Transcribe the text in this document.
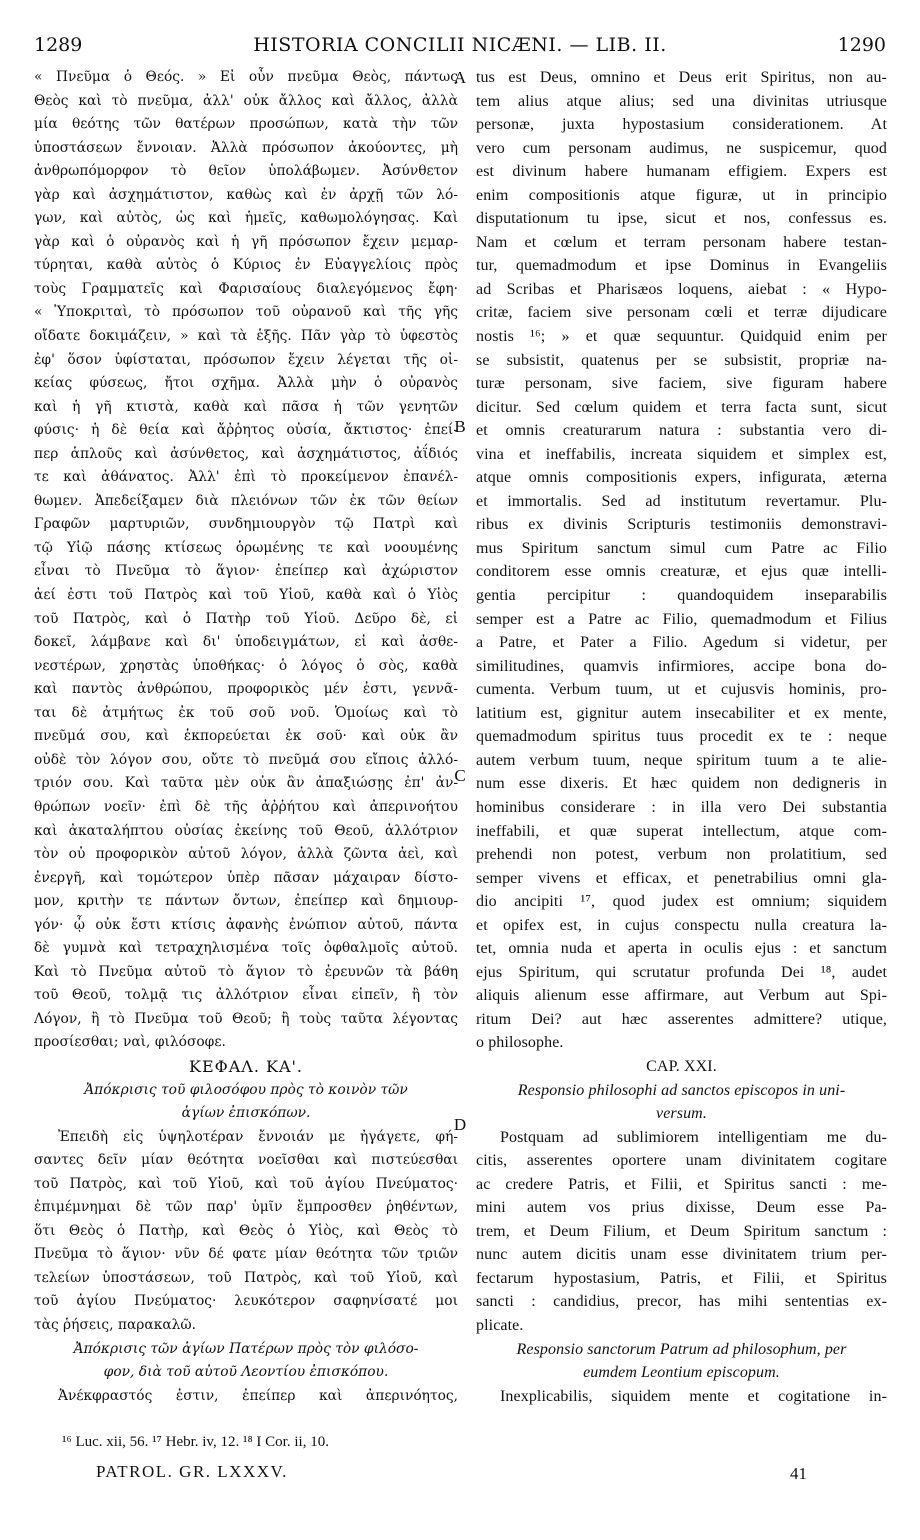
1289	HISTORIA CONCILII NICÆNI. — LIB. II.	1290
A
B
C
D
« Πνεῦμα ὁ Θεός. » Εἰ οὖν πνεῦμα Θεὸς, πάντως
Θεὸς καὶ τὸ πνεῦμα, ἀλλ' οὐκ ἄλλος καὶ ἄλλος, ἀλλὰ
μία θεότης τῶν θατέρων προσώπων, κατὰ τὴν τῶν
ὑποστάσεων ἔννοιαν. Ἀλλὰ πρόσωπον ἀκούοντες, μὴ
ἀνθρωπόμορφον τὸ θεῖον ὑπολάβωμεν. Ἀσύνθετον
γὰρ καὶ ἀσχημάτιστον, καθὼς καὶ ἐν ἀρχῇ τῶν λό-
γων, καὶ αὐτὸς, ὡς καὶ ἡμεῖς, καθωμολόγησας. Καὶ
γὰρ καὶ ὁ οὐρανὸς καὶ ἡ γῆ πρόσωπον ἔχειν μεμαρ-
τύρηται, καθὰ αὐτὸς ὁ Κύριος ἐν Εὐαγγελίοις πρὸς
τοὺς Γραμματεῖς καὶ Φαρισαίους διαλεγόμενος ἔφη·
« Ὑποκριταὶ, τὸ πρόσωπον τοῦ οὐρανοῦ καὶ τῆς γῆς
οἴδατε δοκιμάζειν, » καὶ τὰ ἑξῆς. Πᾶν γὰρ τὸ ὑφεστὸς
ἐφ' ὅσον ὑφίσταται, πρόσωπον ἔχειν λέγεται τῆς οἰ-
κείας φύσεως, ἤτοι σχῆμα. Ἀλλὰ μὴν ὁ οὐρανὸς
καὶ ἡ γῆ κτιστὰ, καθὰ καὶ πᾶσα ἡ τῶν γενητῶν
φύσις· ἡ δὲ θεία καὶ ἄῤῥητος οὐσία, ἄκτιστος· ἐπεί-
περ ἁπλοῦς καὶ ἀσύνθετος, καὶ ἀσχημάτιστος, ἀΐδιός
τε καὶ ἀθάνατος. Ἀλλ' ἐπὶ τὸ προκείμενον ἐπανέλ-
θωμεν. Ἀπεδείξαμεν διὰ πλειόνων τῶν ἐκ τῶν θείων
Γραφῶν μαρτυριῶν, συνδημιουργὸν τῷ Πατρὶ καὶ
τῷ Υἱῷ πάσης κτίσεως ὁρωμένης τε καὶ νοουμένης
εἶναι τὸ Πνεῦμα τὸ ἅγιον· ἐπείπερ καὶ ἀχώριστον
ἀεί ἐστι τοῦ Πατρὸς καὶ τοῦ Υἱοῦ, καθὰ καὶ ὁ Υἱὸς
τοῦ Πατρὸς, καὶ ὁ Πατὴρ τοῦ Υἱοῦ. Δεῦρο δὲ, εἰ
δοκεῖ, λάμβανε καὶ δι' ὑποδειγμάτων, εἰ καὶ ἀσθε-
νεστέρων, χρηστὰς ὑποθήκας· ὁ λόγος ὁ σὸς, καθὰ
καὶ παντὸς ἀνθρώπου, προφορικὸς μέν ἐστι, γεννᾶ-
ται δὲ ἀτμήτως ἐκ τοῦ σοῦ νοῦ. Ὁμοίως καὶ τὸ
πνεῦμά σου, καὶ ἐκπορεύεται ἐκ σοῦ· καὶ οὐκ ἂν
οὐδὲ τὸν λόγον σου, οὔτε τὸ πνεῦμά σου εἴποις ἀλλό-
τριόν σου. Καὶ ταῦτα μὲν οὐκ ἂν ἀπαξιώσῃς ἐπ' ἀν-
θρώπων νοεῖν· ἐπὶ δὲ τῆς ἀῤῥήτου καὶ ἀπερινοήτου
καὶ ἀκαταλήπτου οὐσίας ἐκείνης τοῦ Θεοῦ, ἀλλότριον
τὸν οὐ προφορικὸν αὐτοῦ λόγον, ἀλλὰ ζῶντα ἀεὶ, καὶ
ἐνεργῆ, καὶ τομώτερον ὑπὲρ πᾶσαν μάχαιραν δίστο-
μον, κριτὴν τε πάντων ὄντων, ἐπείπερ καὶ δημιουρ-
γόν· ᾧ οὐκ ἔστι κτίσις ἀφανὴς ἐνώπιον αὐτοῦ, πάντα
δὲ γυμνὰ καὶ τετραχηλισμένα τοῖς ὀφθαλμοῖς αὐτοῦ.
Καὶ τὸ Πνεῦμα αὐτοῦ τὸ ἅγιον τὸ ἐρευνῶν τὰ βάθη
τοῦ Θεοῦ, τολμᾷ τις ἀλλότριον εἶναι εἰπεῖν, ἢ τὸν
Λόγον, ἢ τὸ Πνεῦμα τοῦ Θεοῦ; ἢ τοὺς ταῦτα λέγοντας
προσίεσθαι; ναὶ, φιλόσοφε.
ΚΕΦΑΛ. ΚΑ'.
Ἀπόκρισις τοῦ φιλοσόφου πρὸς τὸ κοινὸν τῶν
ἁγίων ἐπισκόπων.
Ἐπειδὴ εἰς ὑψηλοτέραν ἔννοιάν με ἠγάγετε, φή-
σαντες δεῖν μίαν θεότητα νοεῖσθαι καὶ πιστεύεσθαι
τοῦ Πατρὸς, καὶ τοῦ Υἱοῦ, καὶ τοῦ ἁγίου Πνεύματος·
ἐπιμέμνημαι δὲ τῶν παρ' ὑμῖν ἔμπροσθεν ῥηθέντων,
ὅτι Θεὸς ὁ Πατὴρ, καὶ Θεὸς ὁ Υἱὸς, καὶ Θεὸς τὸ
Πνεῦμα τὸ ἅγιον· νῦν δέ φατε μίαν θεότητα τῶν τριῶν
τελείων ὑποστάσεων, τοῦ Πατρὸς, καὶ τοῦ Υἱοῦ, καὶ
τοῦ ἁγίου Πνεύματος· λευκότερον σαφηνίσατέ μοι
τὰς ῥήσεις, παρακαλῶ.
Ἀπόκρισις τῶν ἁγίων Πατέρων πρὸς τὸν φιλόσο-
φον, διὰ τοῦ αὐτοῦ Λεοντίου ἐπισκόπου.
Ἀνέκφραστός ἐστιν, ἐπείπερ καὶ ἀπερινόητος,
tus est Deus, omnino et Deus erit Spiritus, non au-
tem alius atque alius; sed una divinitas utriusque
personæ, juxta hypostasium considerationem. At
vero cum personam audimus, ne suspicemur, quod
est divinum habere humanam effigiem. Expers est
enim compositionis atque figuræ, ut in principio
disputationum tu ipse, sicut et nos, confessus es.
Nam et cœlum et terram personam habere testan-
tur, quemadmodum et ipse Dominus in Evangeliis
ad Scribas et Pharisæos loquens, aiebat : « Hypo-
critæ, faciem sive personam cœli et terræ dijudicare
nostis ¹⁶; » et quæ sequuntur. Quidquid enim per
se subsistit, quatenus per se subsistit, propriæ na-
turæ personam, sive faciem, sive figuram habere
dicitur. Sed cœlum quidem et terra facta sunt, sicut
et omnis creaturarum natura : substantia vero di-
vina et ineffabilis, increata siquidem et simplex est,
atque omnis compositionis expers, infigurata, æterna
et immortalis. Sed ad institutum revertamur. Plu-
ribus ex divinis Scripturis testimoniis demonstravi-
mus Spiritum sanctum simul cum Patre ac Filio
conditorem esse omnis creaturæ, et ejus quæ intelli-
gentia percipitur : quandoquidem inseparabilis
semper est a Patre ac Filio, quemadmodum et Filius
a Patre, et Pater a Filio. Agedum si videtur, per
similitudines, quamvis infirmiores, accipe bona do-
cumenta. Verbum tuum, ut et cujusvis hominis, pro-
latitium est, gignitur autem insecabiliter et ex mente,
quemadmodum spiritus tuus procedit ex te : neque
autem verbum tuum, neque spiritum tuum a te alie-
num esse dixeris. Et hæc quidem non dedigneris in
hominibus considerare : in illa vero Dei substantia
ineffabili, et quæ superat intellectum, atque com-
prehendi non potest, verbum non prolatitium, sed
semper vivens et efficax, et penetrabilius omni gla-
dio ancipiti ¹⁷, quod judex est omnium; siquidem
et opifex est, in cujus conspectu nulla creatura la-
tet, omnia nuda et aperta in oculis ejus : et sanctum
ejus Spiritum, qui scrutatur profunda Dei ¹⁸, audet
aliquis alienum esse affirmare, aut Verbum aut Spi-
ritum Dei? aut hæc asserentes admittere? utique,
o philosophe.
CAP. XXI.
Responsio philosophi ad sanctos episcopos in uni-
versum.
Postquam ad sublimiorem intelligentiam me du-
citis, asserentes oportere unam divinitatem cogitare
ac credere Patris, et Filii, et Spiritus sancti : me-
mini autem vos prius dixisse, Deum esse Pa-
trem, et Deum Filium, et Deum Spiritum sanctum :
nunc autem dicitis unam esse divinitatem trium per-
fectarum hypostasium, Patris, et Filii, et Spiritus
sancti : candidius, precor, has mihi sententias ex-
plicate.
Responsio sanctorum Patrum ad philosophum, per
eumdem Leontium episcopum.
Inexplicabilis, siquidem mente et cogitatione in-
¹⁶ Luc. xii, 56. ¹⁷ Hebr. iv, 12. ¹⁸ I Cor. ii, 10.
PATROL. GR. LXXXV.	41
